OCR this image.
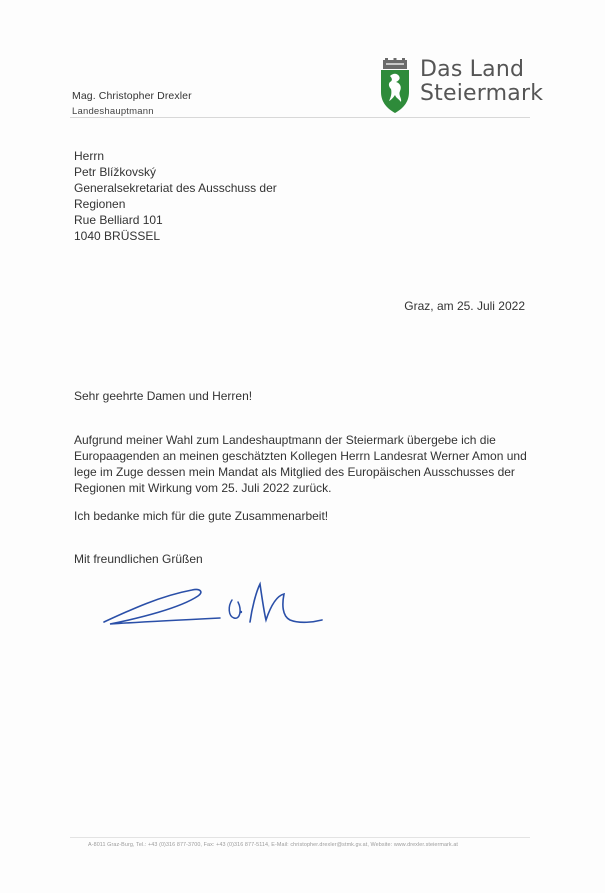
Mag. Christopher Drexler
Landeshauptmann
Das Land
Steiermark
Herrn
Petr Blížkovský
Generalsekretariat des Ausschuss der
Regionen
Rue Belliard 101
1040 BRÜSSEL
Graz, am 25. Juli 2022
Sehr geehrte Damen und Herren!

Aufgrund meiner Wahl zum Landeshauptmann der Steiermark übergebe ich die Europaagenden an meinen geschätzten Kollegen Herrn Landesrat Werner Amon und lege im Zuge dessen mein Mandat als Mitglied des Europäischen Ausschusses der Regionen mit Wirkung vom 25. Juli 2022 zurück.

Ich bedanke mich für die gute Zusammenarbeit!
Mit freundlichen Grüßen
A-8011 Graz-Burg, Tel.: +43 (0)316 877-3700, Fax: +43 (0)316 877-5114, E-Mail: christopher.drexler@stmk.gv.at, Website: www.drexler.steiermark.at
